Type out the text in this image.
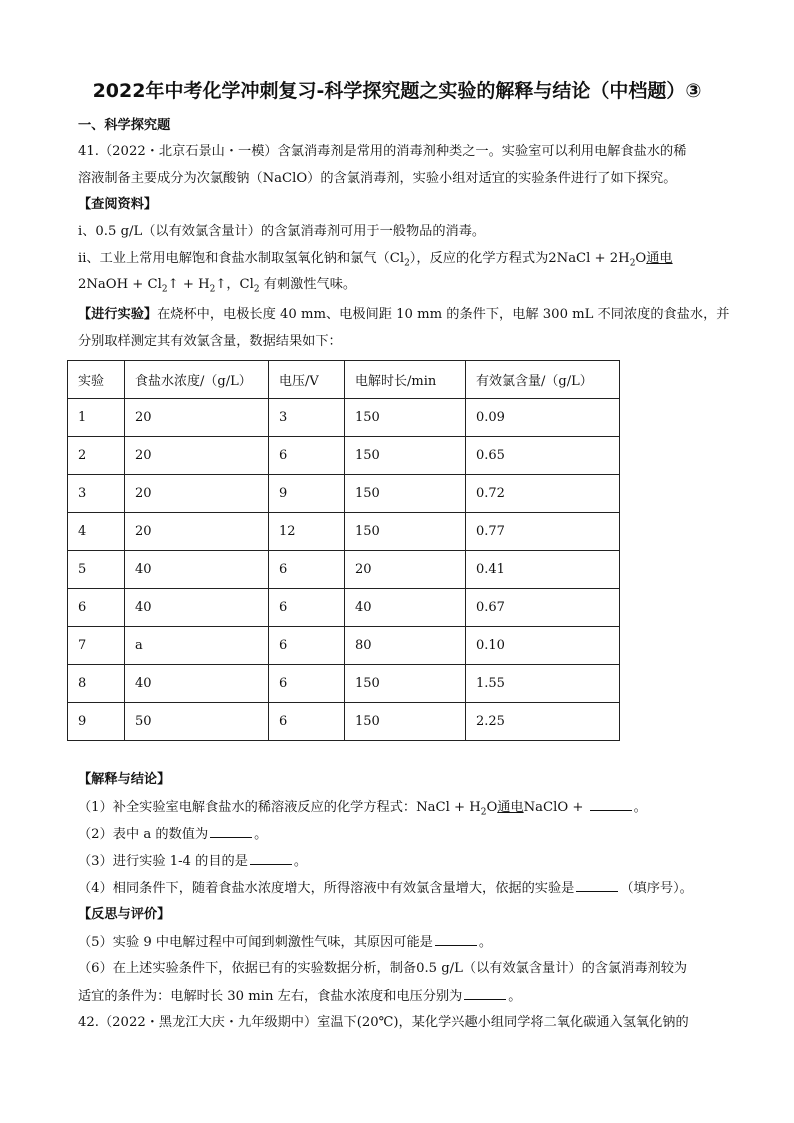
2022年中考化学冲刺复习-科学探究题之实验的解释与结论（中档题）③
一、科学探究题
41.（2022・北京石景山・一模）含氯消毒剂是常用的消毒剂种类之一。实验室可以利用电解食盐水的稀
溶液制备主要成分为次氯酸钠（NaClO）的含氯消毒剂，实验小组对适宜的实验条件进行了如下探究。
【查阅资料】
ⅰ、0.5 g/L（以有效氯含量计）的含氯消毒剂可用于一般物品的消毒。
ⅱ、工业上常用电解饱和食盐水制取氢氧化钠和氯气$(Cl_2)$，反应的化学方程式为2NaCl + $2H_2O$通电
2NaOH + $Cl_2↑$ + $H_2↑$，$Cl_2$ 有刺激性气味。
【进行实验】在烧杯中，电极长度 40 mm、电极间距 10 mm 的条件下，电解 300 mL 不同浓度的食盐水，并
分别取样测定其有效氯含量，数据结果如下：
实验	食盐水浓度/（g/L）	电压/V	电解时长/min	有效氯含量/（g/L）
1	20	3	150	0.09
2	20	6	150	0.65
3	20	9	150	0.72
4	20	12	150	0.77
5	40	6	20	0.41
6	40	6	40	0.67
7	a	6	80	0.10
8	40	6	150	1.55
9	50	6	150	2.25
【解释与结论】
（1）补全实验室电解食盐水的稀溶液反应的化学方程式：NaCl + $H_2O$通电NaClO +	。
（2）表中 a 的数值为	。
（3）进行实验 1-4 的目的是	。
（4）相同条件下，随着食盐水浓度增大，所得溶液中有效氯含量增大，依据的实验是	（填序号）。
【反思与评价】
（5）实验 9 中电解过程中可闻到刺激性气味，其原因可能是	。
（6）在上述实验条件下，依据已有的实验数据分析，制备0.5 g/L（以有效氯含量计）的含氯消毒剂较为
适宜的条件为：电解时长 30 min 左右，食盐水浓度和电压分别为	。
42.（2022・黑龙江大庆・九年级期中）室温下(20℃)，某化学兴趣小组同学将二氧化碳通入氢氧化钠的
